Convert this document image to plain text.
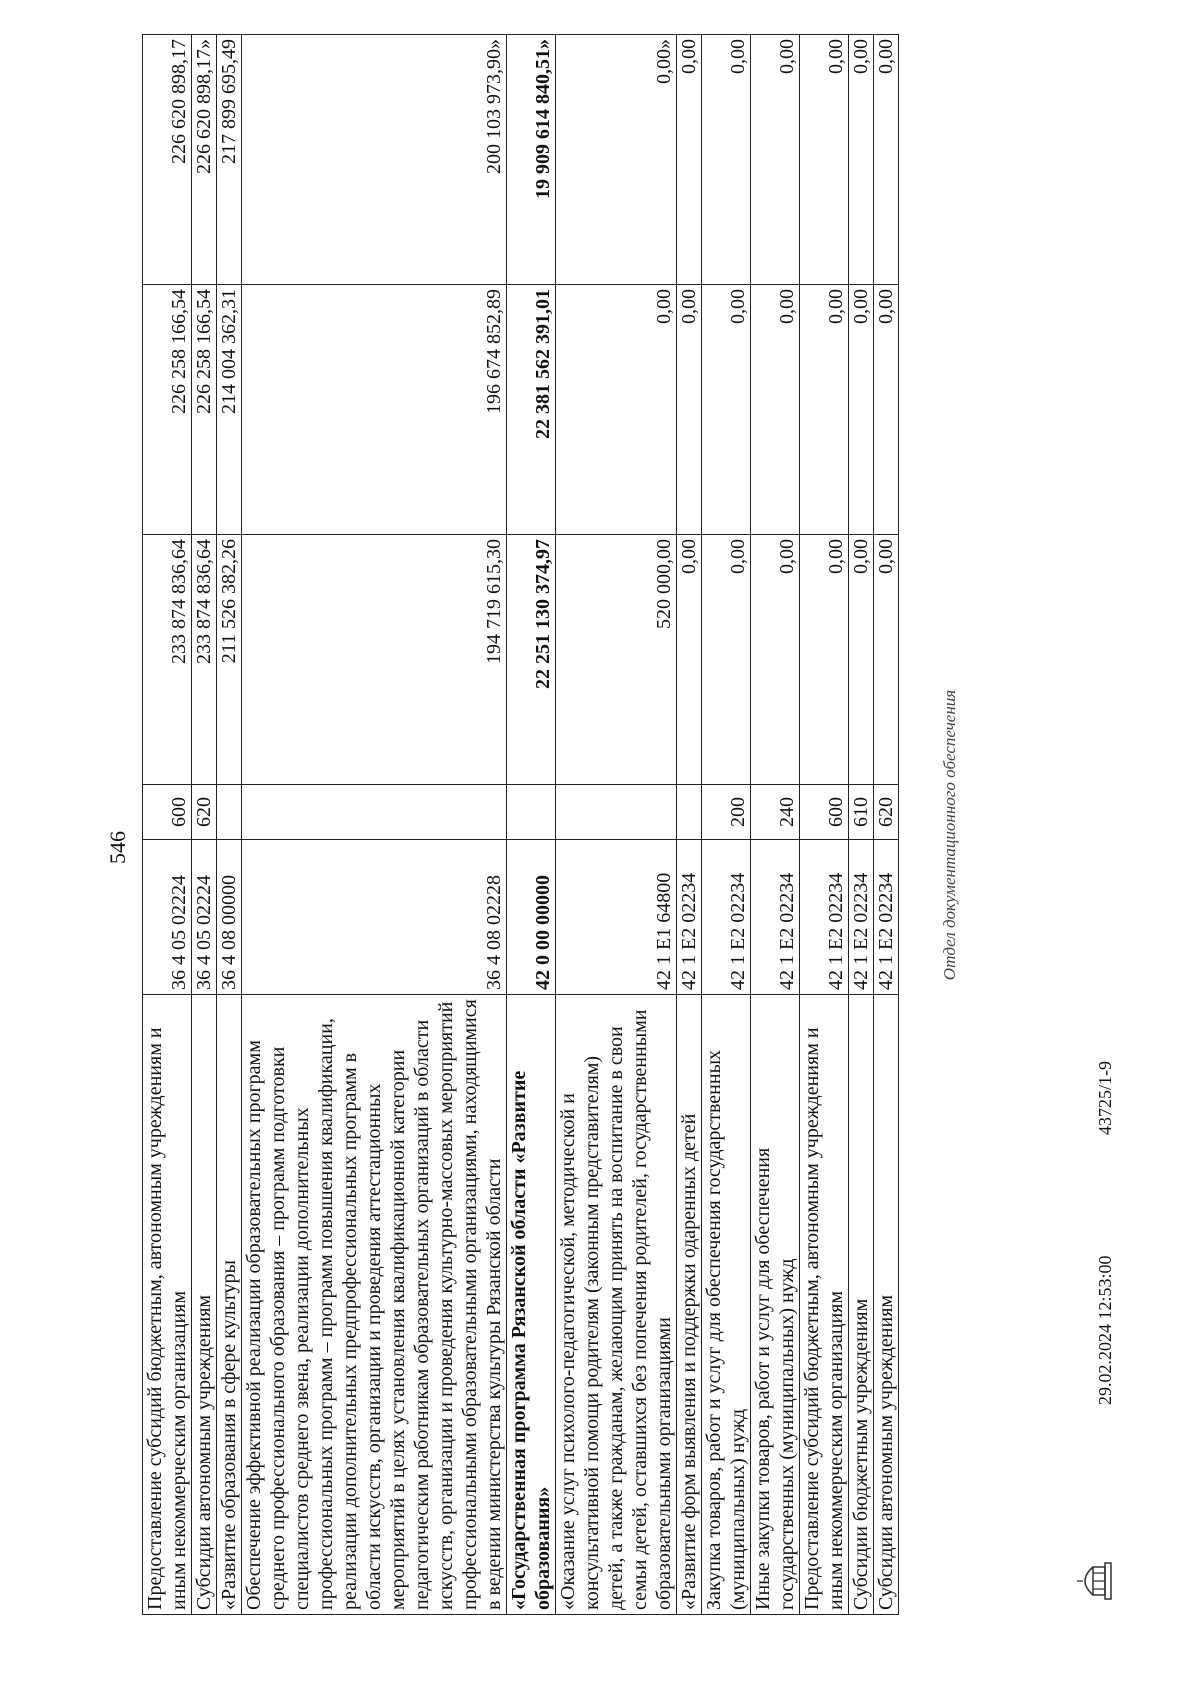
546
Предоставление субсидий бюджетным, автономным учреждениям и иным некоммерческим организациям	36 4 05 02224	600	233 874 836,64	226 258 166,54	226 620 898,17
Субсидии автономным учреждениям	36 4 05 02224	620	233 874 836,64	226 258 166,54	226 620 898,17»
«Развитие образования в сфере культуры	36 4 08 00000		211 526 382,26	214 004 362,31	217 899 695,49
Обеспечение эффективной реализации образовательных программ среднего профессионального образования – программ подготовки специалистов среднего звена, реализации дополнительных профессиональных программ – программ повышения квалификации, реализации дополнительных предпрофессиональных программ в области искусств, организации и проведения аттестационных мероприятий в целях установления квалификационной категории педагогическим работникам образовательных организаций в области искусств, организации и проведения культурно-массовых мероприятий профессиональными образовательными организациями, находящимися в ведении министерства культуры Рязанской области	36 4 08 02228		194 719 615,30	196 674 852,89	200 103 973,90»
«Государственная программа Рязанской области «Развитие образования»	42 0 00 00000		22 251 130 374,97	22 381 562 391,01	19 909 614 840,51»
«Оказание услуг психолого-педагогической, методической и консультативной помощи родителям (законным представителям) детей, а также гражданам, желающим принять на воспитание в свои семьи детей, оставшихся без попечения родителей, государственными образовательными организациями	42 1 E1 64800		520 000,00	0,00	0,00»
«Развитие форм выявления и поддержки одаренных детей	42 1 E2 02234		0,00	0,00	0,00
Закупка товаров, работ и услуг для обеспечения государственных (муниципальных) нужд	42 1 E2 02234	200	0,00	0,00	0,00
Иные закупки товаров, работ и услуг для обеспечения государственных (муниципальных) нужд	42 1 E2 02234	240	0,00	0,00	0,00
Предоставление субсидий бюджетным, автономным учреждениям и иным некоммерческим организациям	42 1 E2 02234	600	0,00	0,00	0,00
Субсидии бюджетным учреждениям	42 1 E2 02234	610	0,00	0,00	0,00
Субсидии автономным учреждениям	42 1 E2 02234	620	0,00	0,00	0,00
29.02.2024 12:53:00
43725/1-9
Отдел документационного обеспечения
